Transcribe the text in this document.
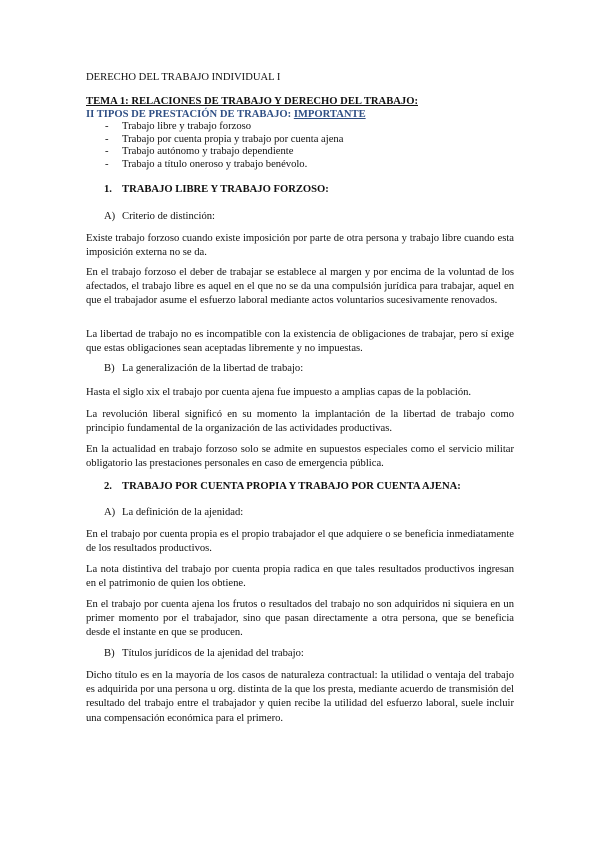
DERECHO DEL TRABAJO INDIVIDUAL I

TEMA 1: RELACIONES DE TRABAJO Y DERECHO DEL TRABAJO:

II TIPOS DE PRESTACIÓN DE TRABAJO: IMPORTANTE

- Trabajo libre y trabajo forzoso
- Trabajo por cuenta propia y trabajo por cuenta ajena
- Trabajo autónomo y trabajo dependiente
- Trabajo a título oneroso y trabajo benévolo.
1. TRABAJO LIBRE Y TRABAJO FORZOSO:
A) Criterio de distinción:

Existe trabajo forzoso cuando existe imposición por parte de otra persona y trabajo libre cuando esta imposición externa no se da.

En el trabajo forzoso el deber de trabajar se establece al margen y por encima de la voluntad de los afectados, el trabajo libre es aquel en el que no se da una compulsión jurídica para trabajar, aquel en que el trabajador asume el esfuerzo laboral mediante actos voluntarios sucesivamente renovados.

La libertad de trabajo no es incompatible con la existencia de obligaciones de trabajar, pero sí exige que estas obligaciones sean aceptadas libremente y no impuestas.

B) La generalización de la libertad de trabajo:

Hasta el siglo xix el trabajo por cuenta ajena fue impuesto a amplias capas de la población.

La revolución liberal significó en su momento la implantación de la libertad de trabajo como principio fundamental de la organización de las actividades productivas.

En la actualidad en trabajo forzoso solo se admite en supuestos especiales como el servicio militar obligatorio las prestaciones personales en caso de emergencia pública.

2. TRABAJO POR CUENTA PROPIA Y TRABAJO POR CUENTA AJENA:
A) La definición de la ajenidad:

En el trabajo por cuenta propia es el propio trabajador el que adquiere o se beneficia inmediatamente de los resultados productivos.

La nota distintiva del trabajo por cuenta propia radica en que tales resultados productivos ingresan en el patrimonio de quien los obtiene.

En el trabajo por cuenta ajena los frutos o resultados del trabajo no son adquiridos ni siquiera en un primer momento por el trabajador, sino que pasan directamente a otra persona, que se beneficia desde el instante en que se producen.

B) Títulos jurídicos de la ajenidad del trabajo:

Dicho título es en la mayoría de los casos de naturaleza contractual: la utilidad o ventaja del trabajo es adquirida por una persona u org. distinta de la que los presta, mediante acuerdo de transmisión del resultado del trabajo entre el trabajador y quien recibe la utilidad del esfuerzo laboral, suele incluir una compensación económica para el primero.
